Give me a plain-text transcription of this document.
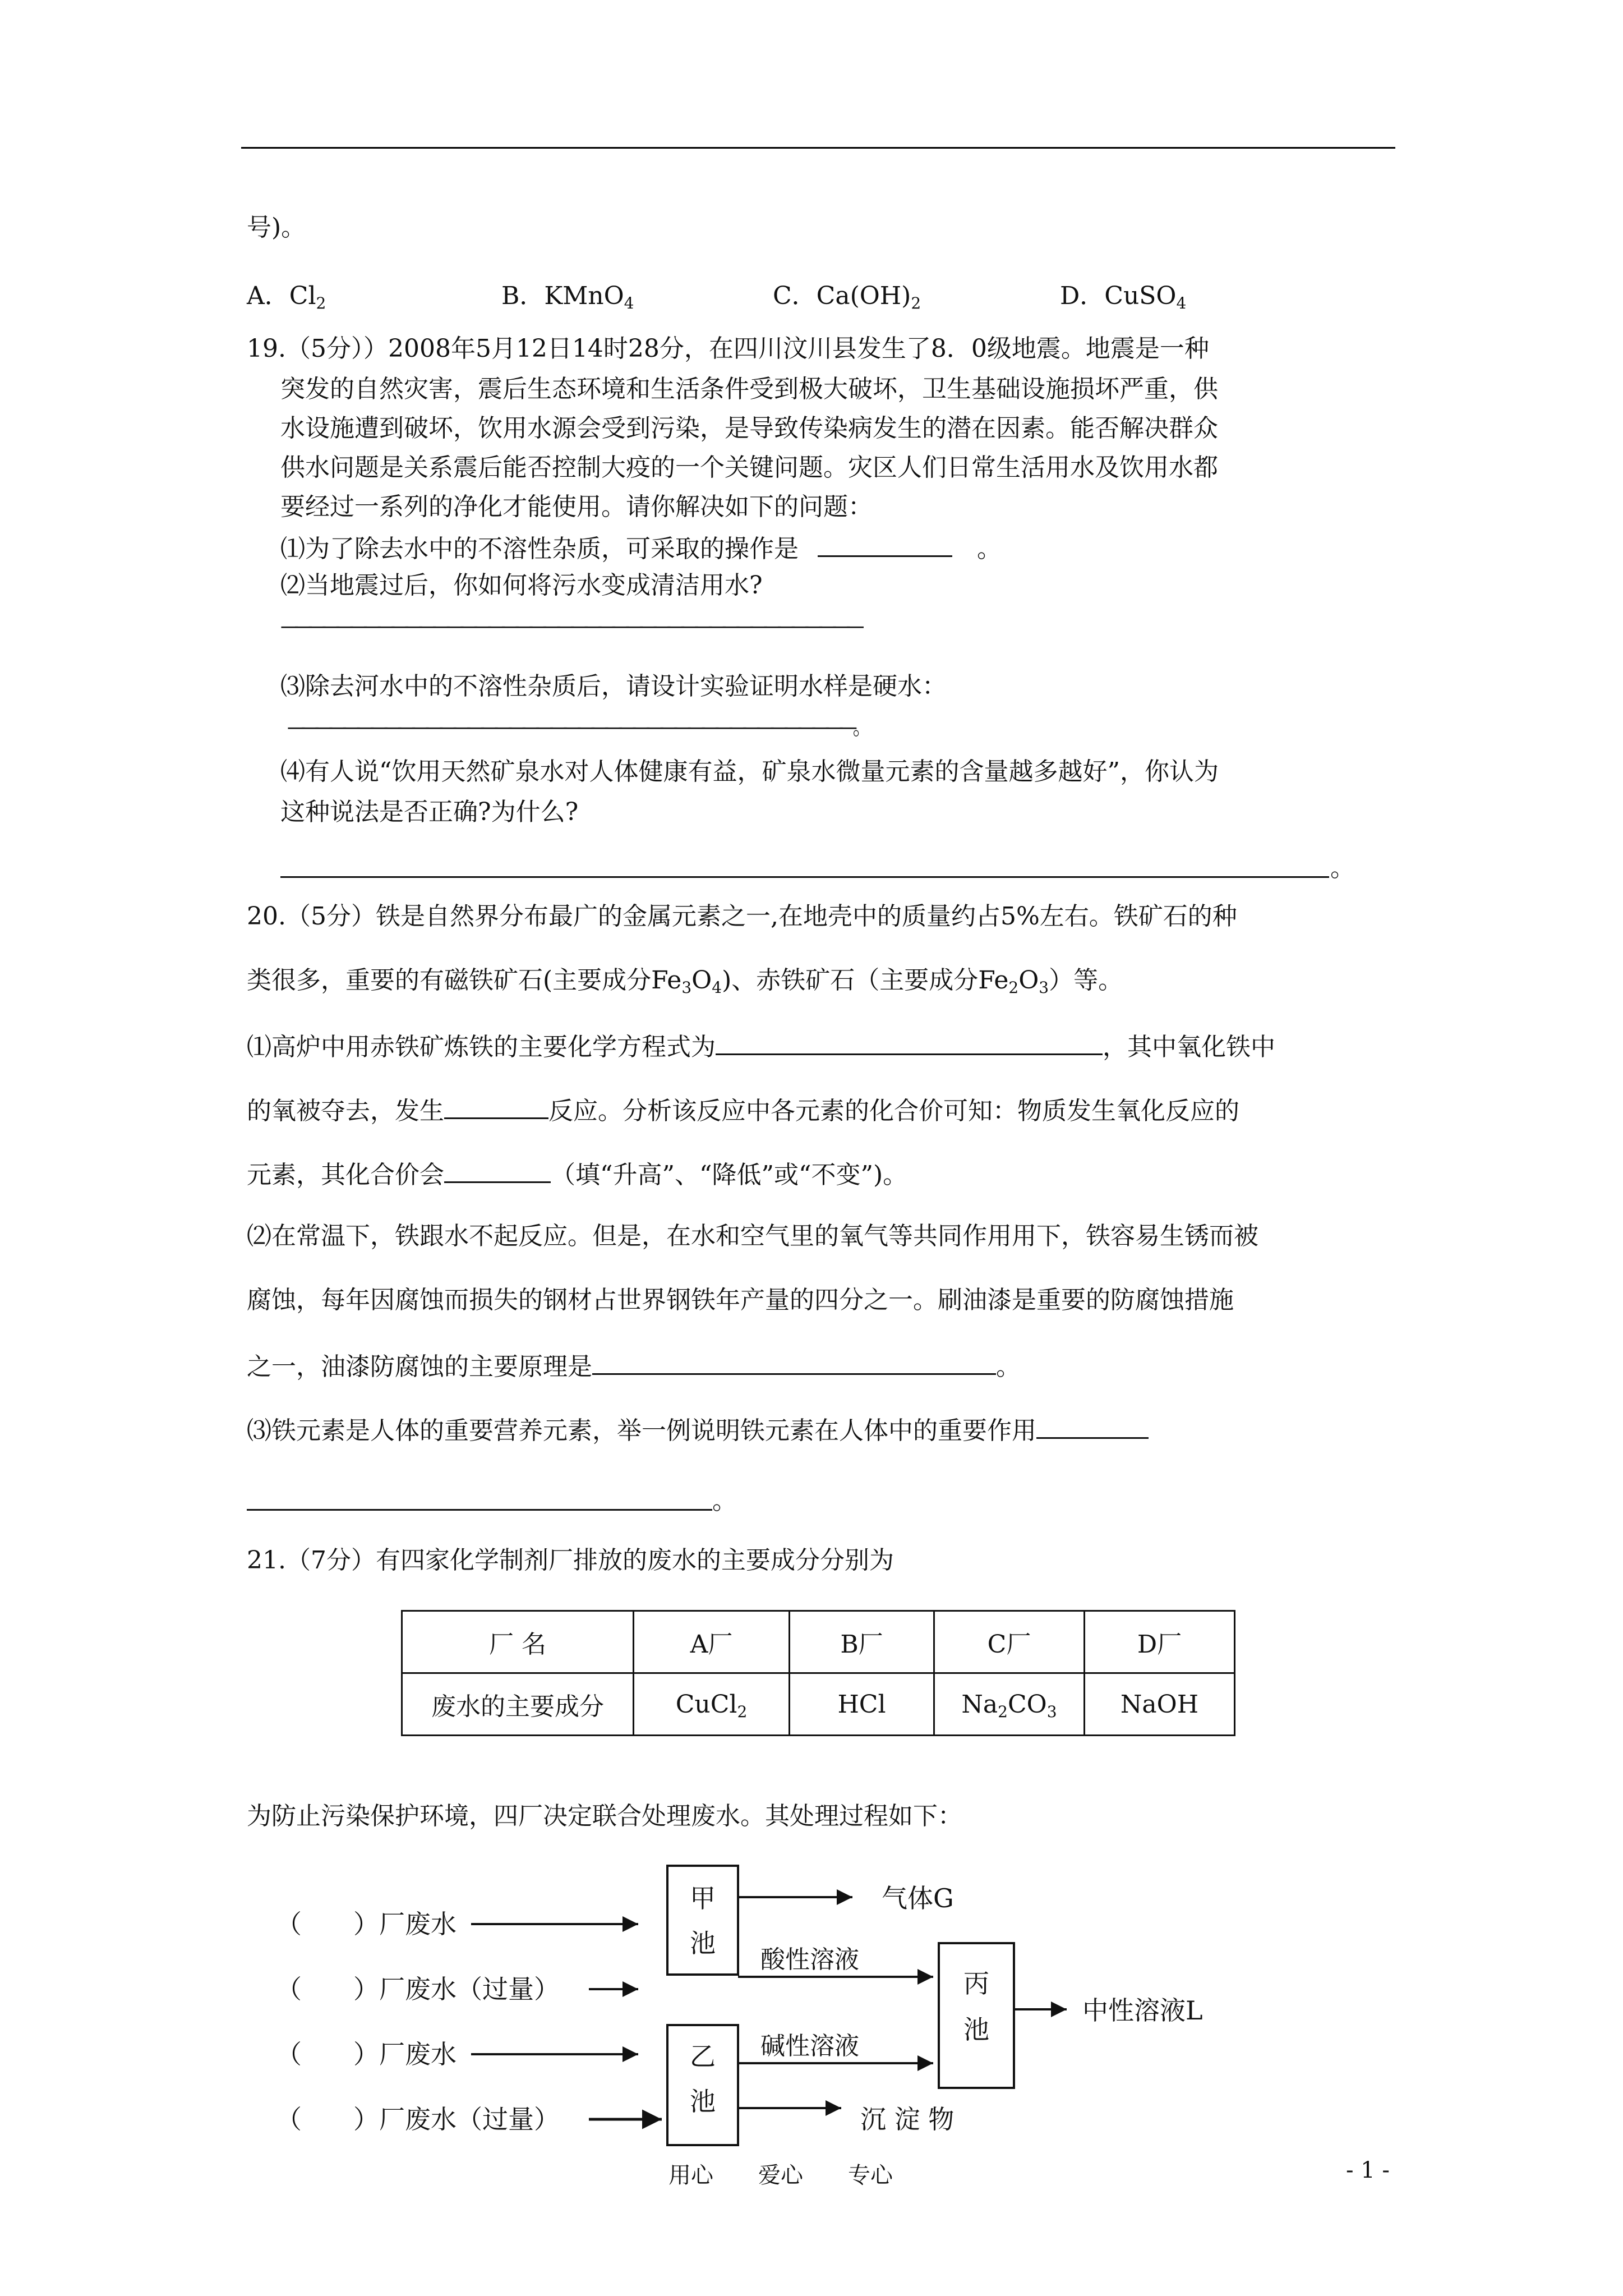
号)。
A．$Cl_2$	B．KMnO$_4$	C．$Ca(OH)_2$	D．CuSO$_4$
19.（5分））2008年5月12日14时28分，在四川汶川县发生了8．0级地震。地震是一种
突发的自然灾害，震后生态环境和生活条件受到极大破坏，卫生基础设施损坏严重，供
水设施遭到破坏，饮用水源会受到污染，是导致传染病发生的潜在因素。能否解决群众
供水问题是关系震后能否控制大疫的一个关键问题。灾区人们日常生活用水及饮用水都
要经过一系列的净化才能使用。请你解决如下的问题：
⑴为了除去水中的不溶性杂质，可采取的操作是	。
⑵当地震过后，你如何将污水变成清洁用水?
——————————————————————————————————————————
⑶除去河水中的不溶性杂质后，请设计实验证明水样是硬水：
—————————————————————————————————————————。
⑷有人说“饮用天然矿泉水对人体健康有益，矿泉水微量元素的含量越多越好”，你认为
这种说法是否正确?为什么?
。
20.（5分）铁是自然界分布最广的金属元素之一,在地壳中的质量约占5%左右。铁矿石的种
类很多，重要的有磁铁矿石(主要成分$Fe_3O_4$)、赤铁矿石（主要成分$Fe_2O_3$）等。
⑴高炉中用赤铁矿炼铁的主要化学方程式为	，其中氧化铁中
的氧被夺去，发生	反应。分析该反应中各元素的化合价可知：物质发生氧化反应的
元素，其化合价会	（填“升高”、“降低”或“不变”)。
⑵在常温下，铁跟水不起反应。但是，在水和空气里的氧气等共同作用用下，铁容易生锈而被
腐蚀，每年因腐蚀而损失的钢材占世界钢铁年产量的四分之一。刷油漆是重要的防腐蚀措施
之一，油漆防腐蚀的主要原理是	。
⑶铁元素是人体的重要营养元素，举一例说明铁元素在人体中的重要作用
。
21.（7分）有四家化学制剂厂排放的废水的主要成分分别为
厂 名	A厂	B厂	C厂	D厂
废水的主要成分	CuCl$_2$	HCl	$Na_2CO_3$	NaOH
为防止污染保护环境，四厂决定联合处理废水。其处理过程如下：
（　　）厂废水
（　　）厂废水（过量）
（　　）厂废水
（　　）厂废水（过量）
甲
池
乙
池
丙
池
气体G
酸性溶液
碱性溶液
中性溶液L
沉 淀 物
用心　　爱心　　专心	- 1 -
